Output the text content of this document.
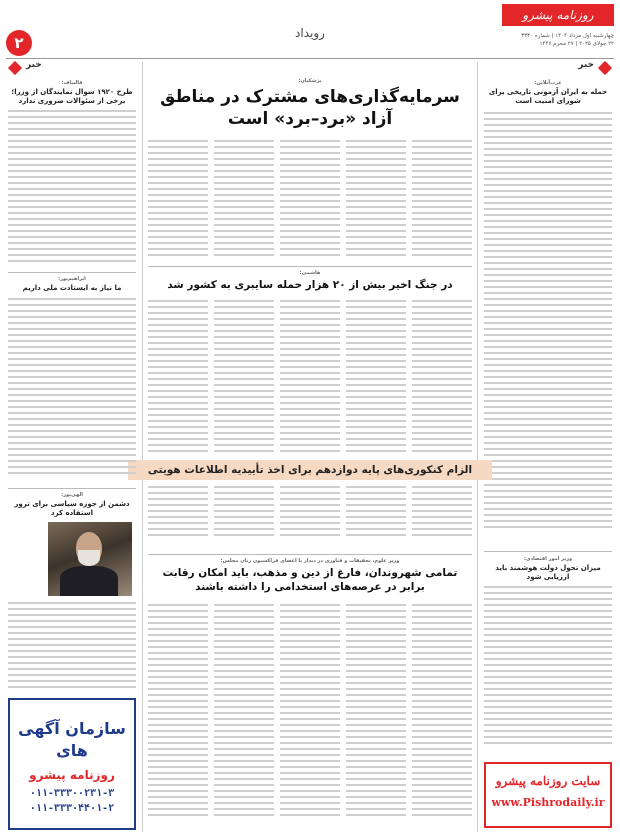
۲
رویداد
روزنامه پیشرو
چهارشنبه اول مرداد ۱۴۰۴ | شماره ۳۳۳۰
۲۲ جولای ۲۰۲۵ | ۲۷ محرم ۱۴۴۷
خبر
خبر
عرب‌آنلاین:
حمله به ایران آزمونی تاریخی برای شورای امنیت است
وزیر امور اقتصادی:
میزان تحول دولت هوشمند باید ارزیابی شود
سایت روزنامه پیشرو
www.Pishrodaily.ir
پژشکیان:
سرمایه‌گذاری‌های مشترک در مناطق آزاد «برد–برد» است
هاشمی:
در جنگ اخیر بیش از ۲۰ هزار حمله سایبری به کشور شد
الزام کنکوری‌های پایه دوازدهم برای اخذ تأییدیه اطلاعات هویتی
وزیر علوم، تحقیقات و فناوری در دیدار با اعضای فراکسیون زنان مجلس:
تمامی شهروندان، فارغ از دین و مذهب، باید امکان رقابت برابر در عرصه‌های استخدامی را داشته باشند
قالیباف:
طرح ۱۹۲۰ سوال نمایندگان از وزرا؛ برخی از سئوالات ضروری ندارد
ابراهیم‌پور:
ما نیاز به ایستادت ملی داریم
الهی‌پور:
دشمن از حوزه سیاسی برای ترور استفاده کرد
سازمان آگهی های
روزنامه پیشرو
۰۱۱-۳۳۳۰۰۲۳۱-۳
۰۱۱-۳۳۳۰۴۴۰۱-۲
